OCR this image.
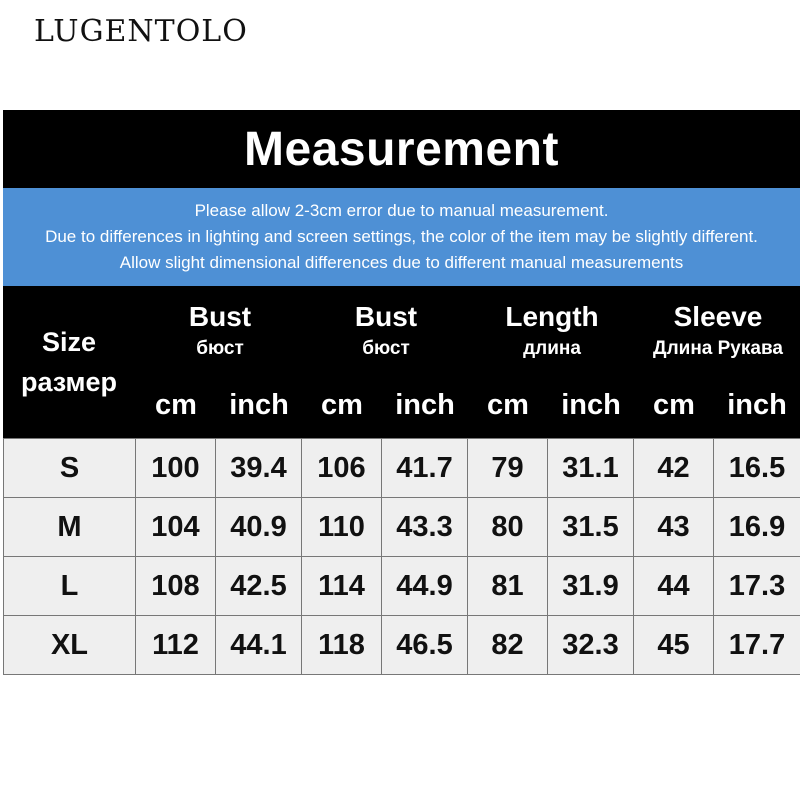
LUGENTOLO
Measurement
Please allow 2-3cm error due to manual measurement.
Due to differences in lighting and screen settings, the color of the item may be slightly different.
Allow slight dimensional differences due to different manual measurements
Size
размер
Bust
бюст
Bust
бюст
Length
длина
Sleeve
Длина Рукава
cm	inch	cm	inch	cm	inch	cm	inch
S	100	39.4	106	41.7	79	31.1	42	16.5
M	104	40.9	110	43.3	80	31.5	43	16.9
L	108	42.5	114	44.9	81	31.9	44	17.3
XL	112	44.1	118	46.5	82	32.3	45	17.7
